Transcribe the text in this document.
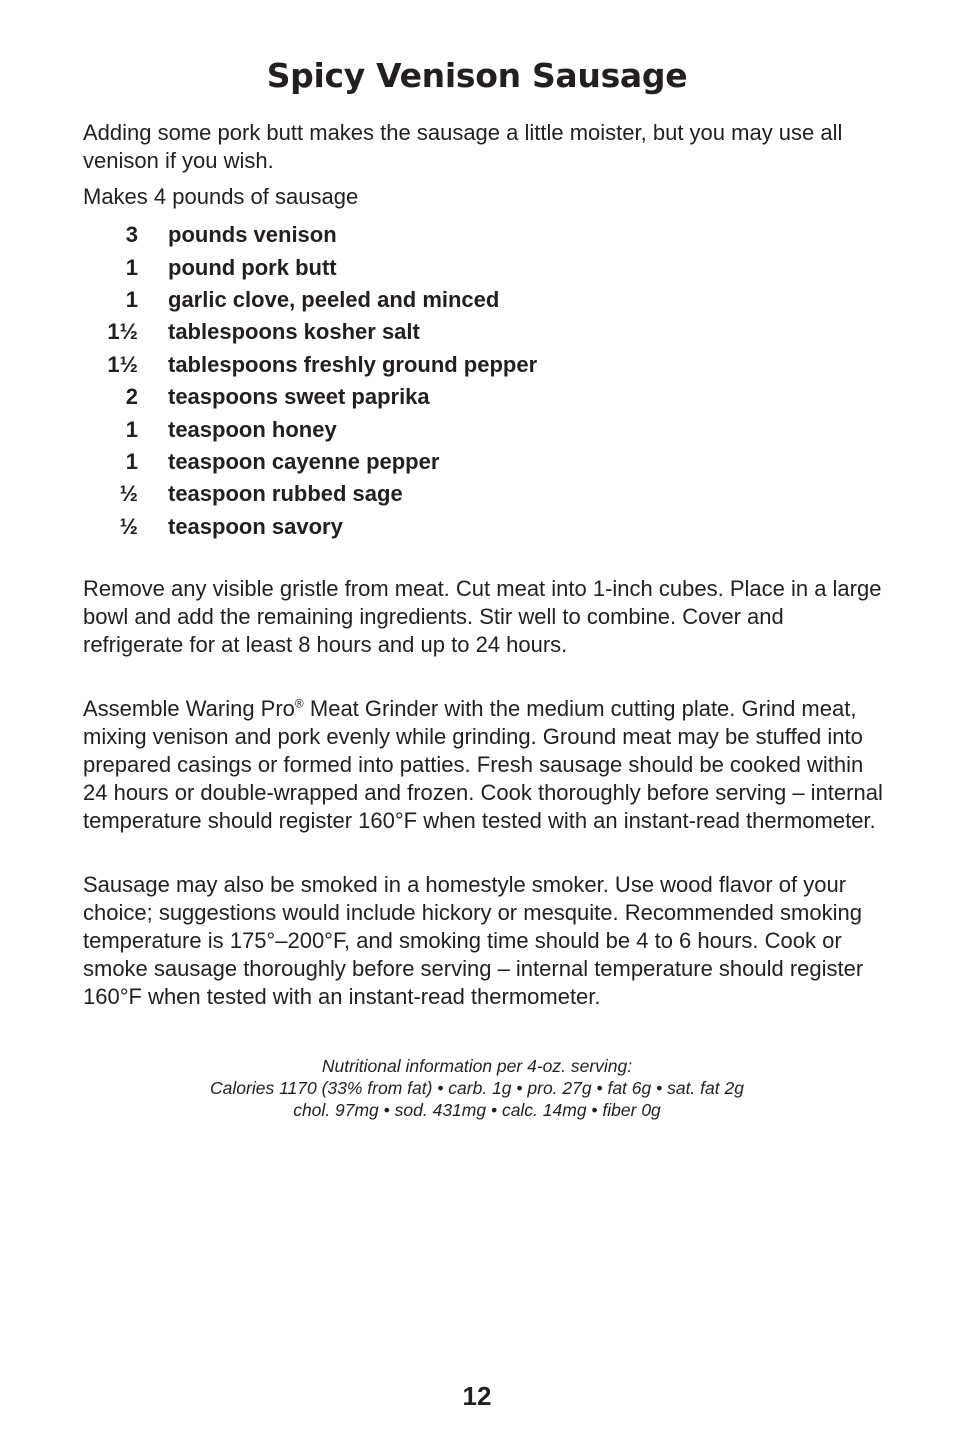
Spicy Venison Sausage

Adding some pork butt makes the sausage a little moister, but you may use all venison if you wish.

Makes 4 pounds of sausage

3 pounds venison
1 pound pork butt
1 garlic clove, peeled and minced
1½ tablespoons kosher salt
1½ tablespoons freshly ground pepper
2 teaspoons sweet paprika
1 teaspoon honey
1 teaspoon cayenne pepper
½ teaspoon rubbed sage
½ teaspoon savory

Remove any visible gristle from meat. Cut meat into 1-inch cubes. Place in a large bowl and add the remaining ingredients. Stir well to combine. Cover and refrigerate for at least 8 hours and up to 24 hours.

Assemble Waring Pro® Meat Grinder with the medium cutting plate. Grind meat, mixing venison and pork evenly while grinding. Ground meat may be stuffed into prepared casings or formed into patties. Fresh sausage should be cooked within 24 hours or double-wrapped and frozen. Cook thoroughly before serving – internal temperature should register 160°F when tested with an instant-read thermometer.

Sausage may also be smoked in a homestyle smoker. Use wood flavor of your choice; suggestions would include hickory or mesquite. Recommended smoking temperature is 175°–200°F, and smoking time should be 4 to 6 hours. Cook or smoke sausage thoroughly before serving – internal temperature should register 160°F when tested with an instant-read thermometer.

Nutritional information per 4-oz. serving:
Calories 1170 (33% from fat) • carb. 1g • pro. 27g • fat 6g • sat. fat 2g
chol. 97mg • sod. 431mg • calc. 14mg • fiber 0g
12
